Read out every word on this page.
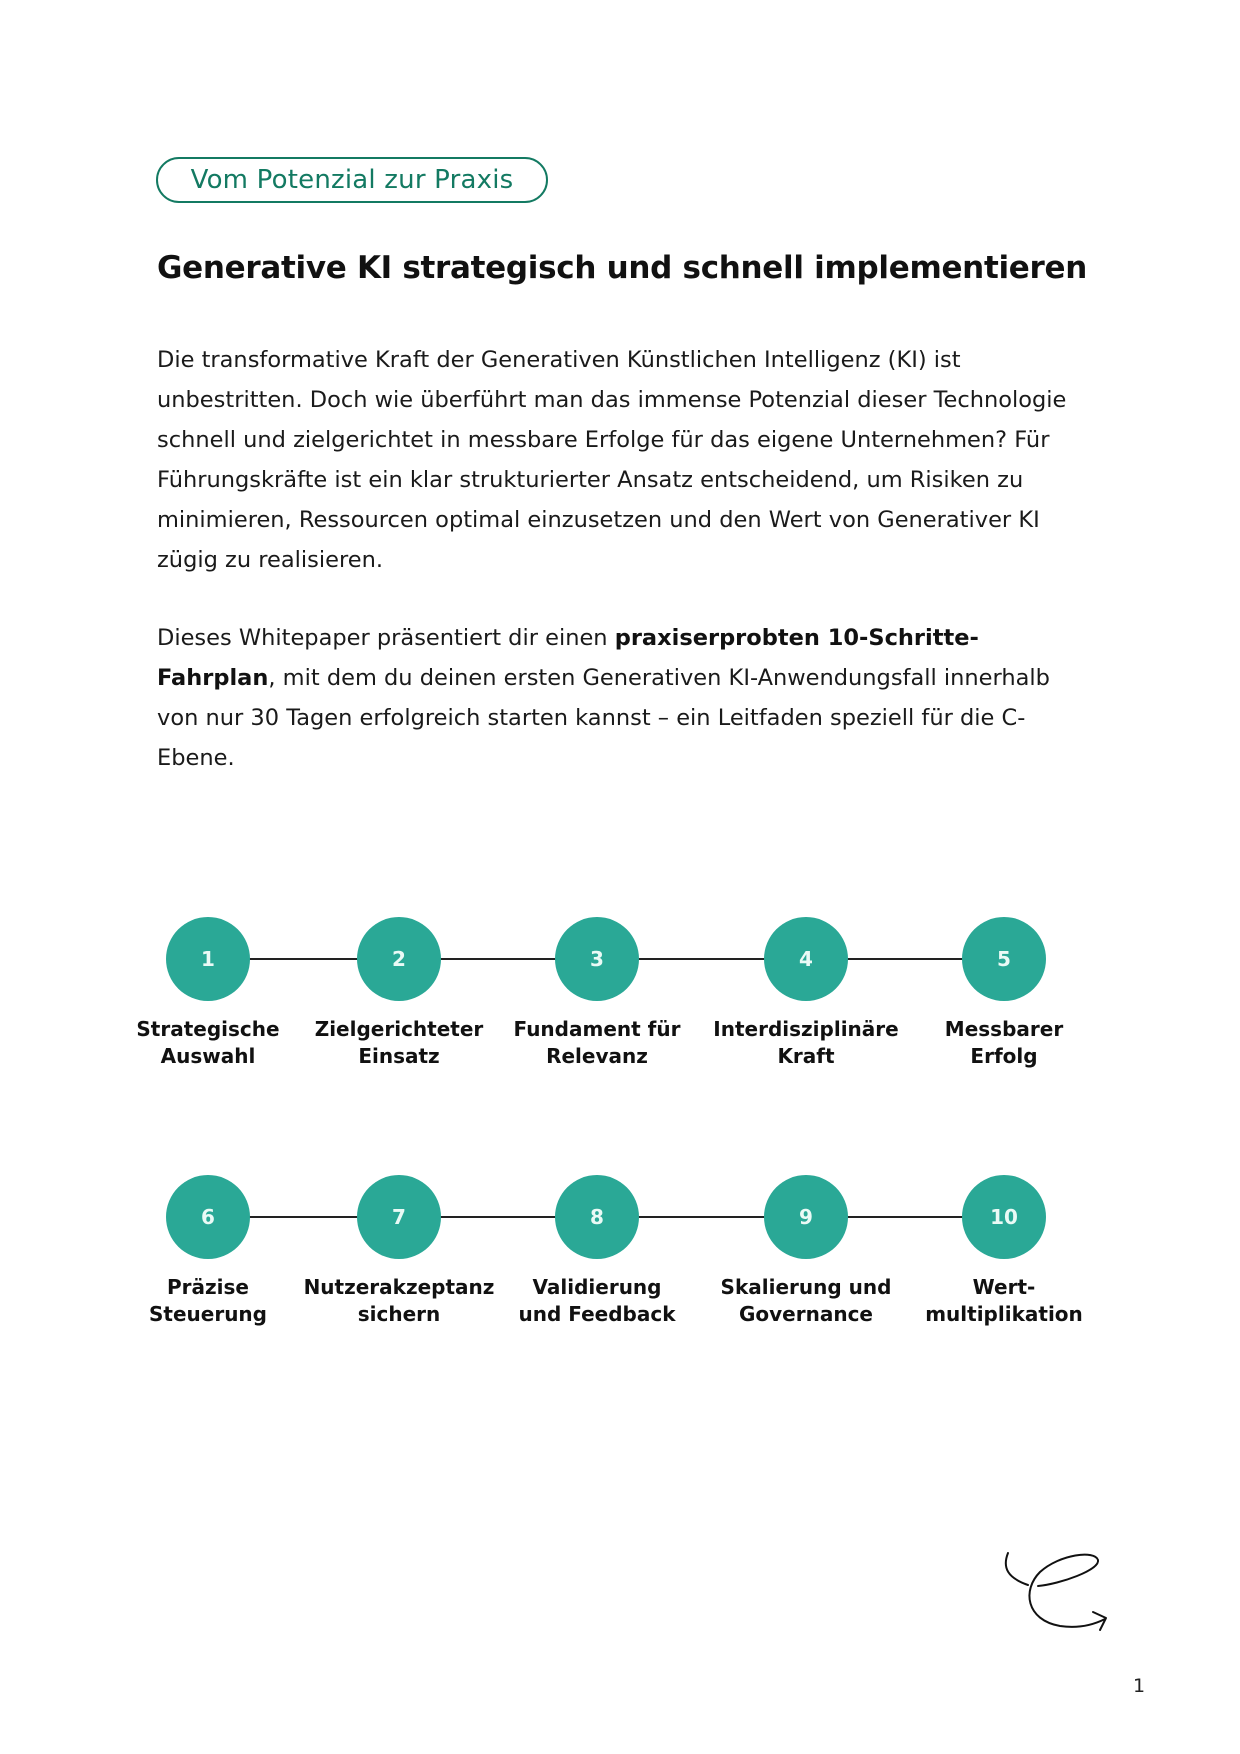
Vom Potenzial zur Praxis
Generative KI strategisch und schnell implementieren

Die transformative Kraft der Generativen Künstlichen Intelligenz (KI) ist unbestritten. Doch wie überführt man das immense Potenzial dieser Technologie schnell und zielgerichtet in messbare Erfolge für das eigene Unternehmen? Für Führungskräfte ist ein klar strukturierter Ansatz entscheidend, um Risiken zu minimieren, Ressourcen optimal einzusetzen und den Wert von Generativer KI zügig zu realisieren.

Dieses Whitepaper präsentiert dir einen praxiserprobten 10-Schritte-Fahrplan, mit dem du deinen ersten Generativen KI-Anwendungsfall innerhalb von nur 30 Tagen erfolgreich starten kannst – ein Leitfaden speziell für die C-Ebene.

1
Strategische
Auswahl
2
Zielgerichteter
Einsatz
3
Fundament für
Relevanz
4
Interdisziplinäre
Kraft
5
Messbarer
Erfolg
6
Präzise
Steuerung
7
Nutzerakzeptanz
sichern
8
Validierung
und Feedback
9
Skalierung und
Governance
10
Wert-
multiplikation
1
